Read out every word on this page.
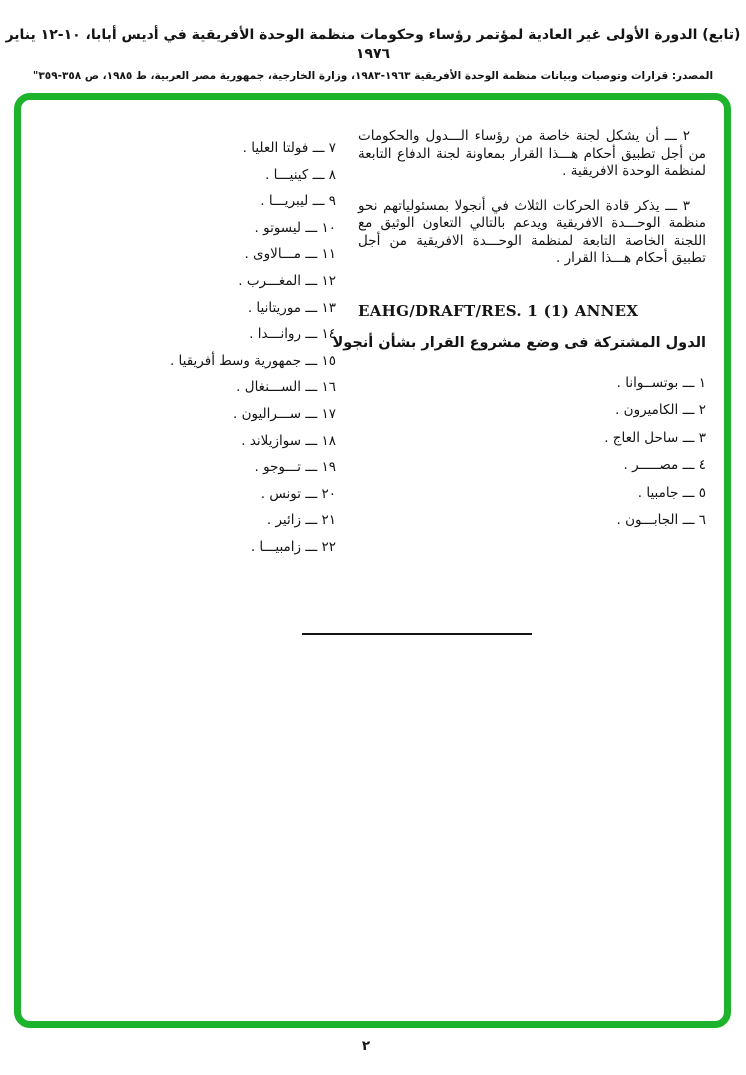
(تابع) الدورة الأولى غير العادية لمؤتمر رؤساء وحكومات منظمة الوحدة الأفريقية في أديس أبابا، ١٠-١٢ يناير ١٩٧٦
المصدر: قرارات وتوصيات وبيانات منظمة الوحدة الأفريقية ١٩٦٣-١٩٨٣، وزارة الخارجية، جمهورية مصر العربية، ط ١٩٨٥، ص ٣٥٨-٣٥٩"

٢ ـــ أن يشكل لجنة خاصة من رؤساء الـــدول والحكومات من أجل تطبيق أحكام هـــذا القرار بمعاونة لجنة الدفاع التابعة لمنظمة الوحدة الافريقية .

٣ ـــ يذكر قادة الحركات الثلاث في أنجولا بمسئولياتهم نحو منظمة الوحـــدة الافريقية ويدعم بالتالي التعاون الوثيق مع اللجنة الخاصة التابعة لمنظمة الوحـــدة الافريقية من أجل تطبيق أحكام هـــذا القرار .

EAHG/DRAFT/RES. 1 (1) ANNEX
الدول المشتركة فى وضع مشروع القرار بشأن أنجولا
١ ـــ بوتســوانا .
٢ ـــ الكاميرون .
٣ ـــ ساحل العاج .
٤ ـــ مصـــــر .
٥ ـــ جامبيا .
٦ ـــ الجابـــون .
٧ ـــ فولتا العليا .
٨ ـــ كينيـــا .
٩ ـــ ليبريـــا .
١٠ ـــ ليسوتو .
١١ ـــ مـــالاوى .
١٢ ـــ المغـــرب .
١٣ ـــ موريتانيا .
١٤ ـــ روانـــدا .
١٥ ـــ جمهورية وسط أفريقيا .
١٦ ـــ الســـنغال .
١٧ ـــ ســـراليون .
١٨ ـــ سوازيلاند .
١٩ ـــ تـــوجو .
٢٠ ـــ تونس .
٢١ ـــ زائير .
٢٢ ـــ زامبيـــا .
٢
